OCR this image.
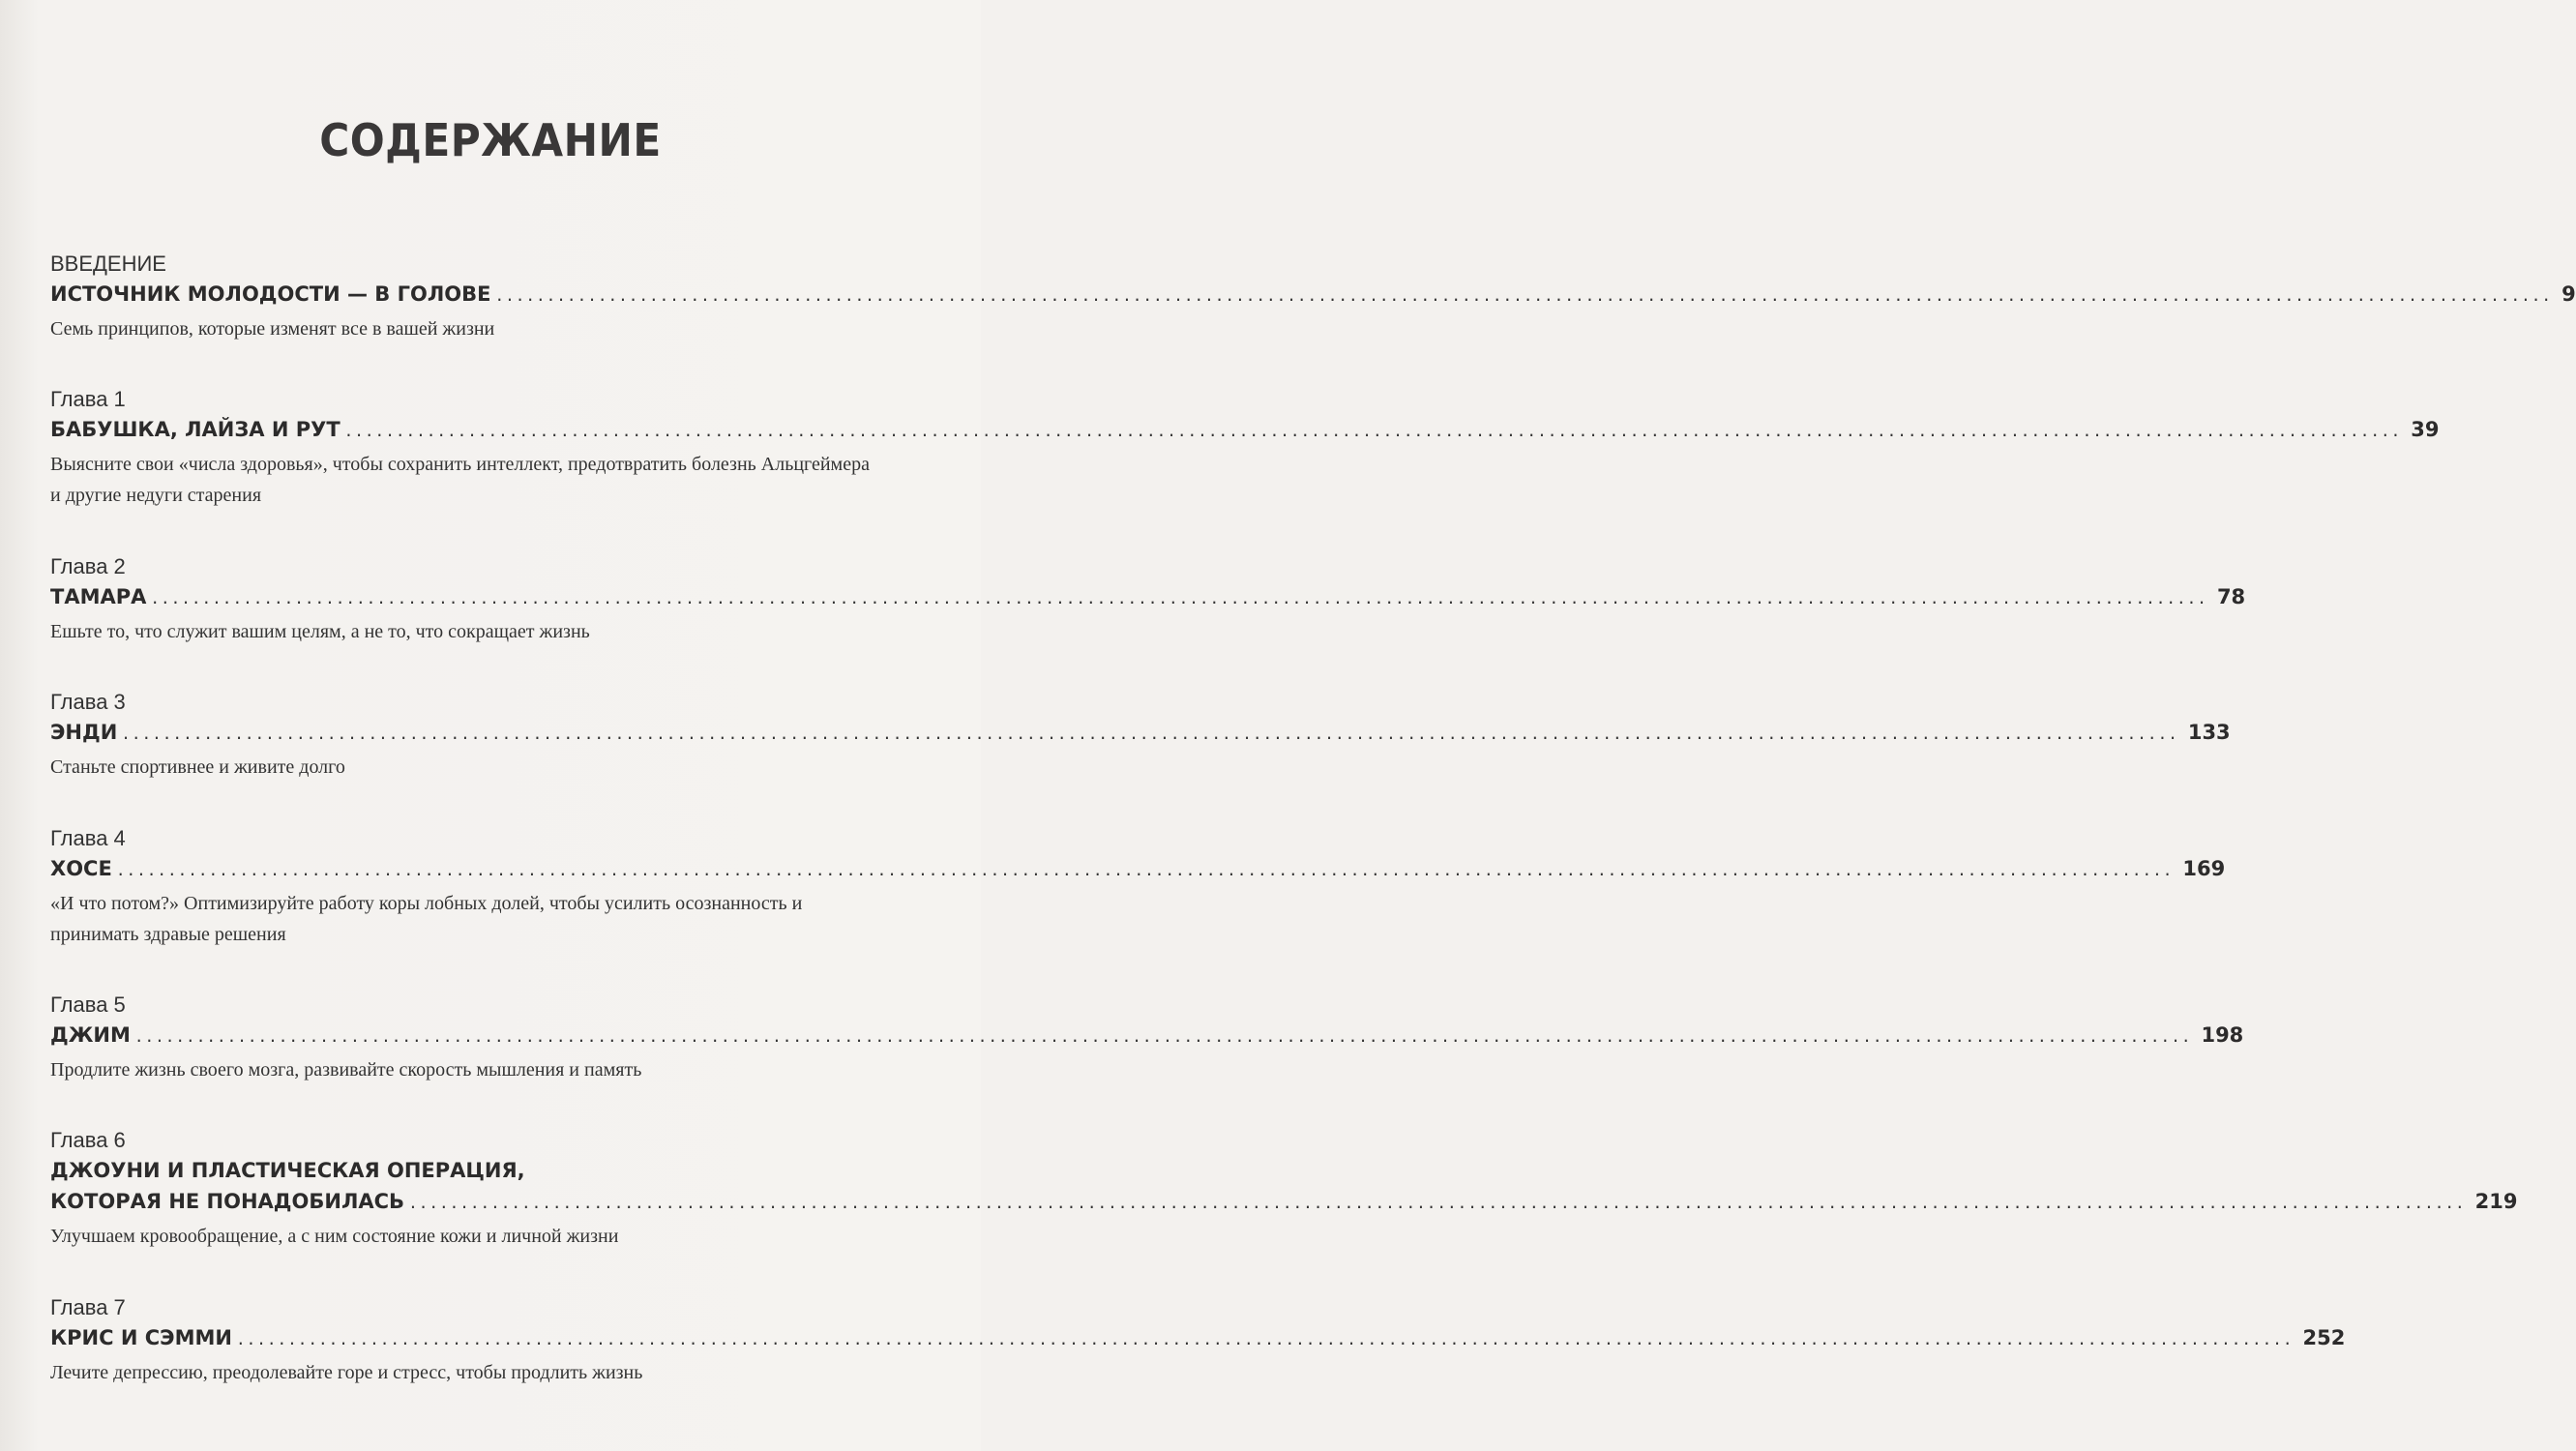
СОДЕРЖАНИЕ
ВВЕДЕНИЕ
ИСТОЧНИК МОЛОДОСТИ — В ГОЛОВЕ ........................................................................................................................................................................................................ 9
Семь принципов, которые изменят все в вашей жизни
Глава 1
БАБУШКА, ЛАЙЗА И РУТ ........................................................................................................................................................................................................ 39
Выясните свои «числа здоровья», чтобы сохранить интеллект, предотвратить болезнь Альцгеймера и другие недуги старения
Глава 2
ТАМАРА ........................................................................................................................................................................................................ 78
Ешьте то, что служит вашим целям, а не то, что сокращает жизнь
Глава 3
ЭНДИ ........................................................................................................................................................................................................ 133
Станьте спортивнее и живите долго
Глава 4
ХОСЕ ........................................................................................................................................................................................................ 169
«И что потом?» Оптимизируйте работу коры лобных долей, чтобы усилить осознанность и принимать здравые решения
Глава 5
ДЖИМ ........................................................................................................................................................................................................ 198
Продлите жизнь своего мозга, развивайте скорость мышления и память
Глава 6
ДЖОУНИ И ПЛАСТИЧЕСКАЯ ОПЕРАЦИЯ,
КОТОРАЯ НЕ ПОНАДОБИЛАСЬ ........................................................................................................................................................................................................ 219
Улучшаем кровообращение, а с ним состояние кожи и личной жизни
Глава 7
КРИС И СЭММИ ........................................................................................................................................................................................................ 252
Лечите депрессию, преодолевайте горе и стресс, чтобы продлить жизнь
